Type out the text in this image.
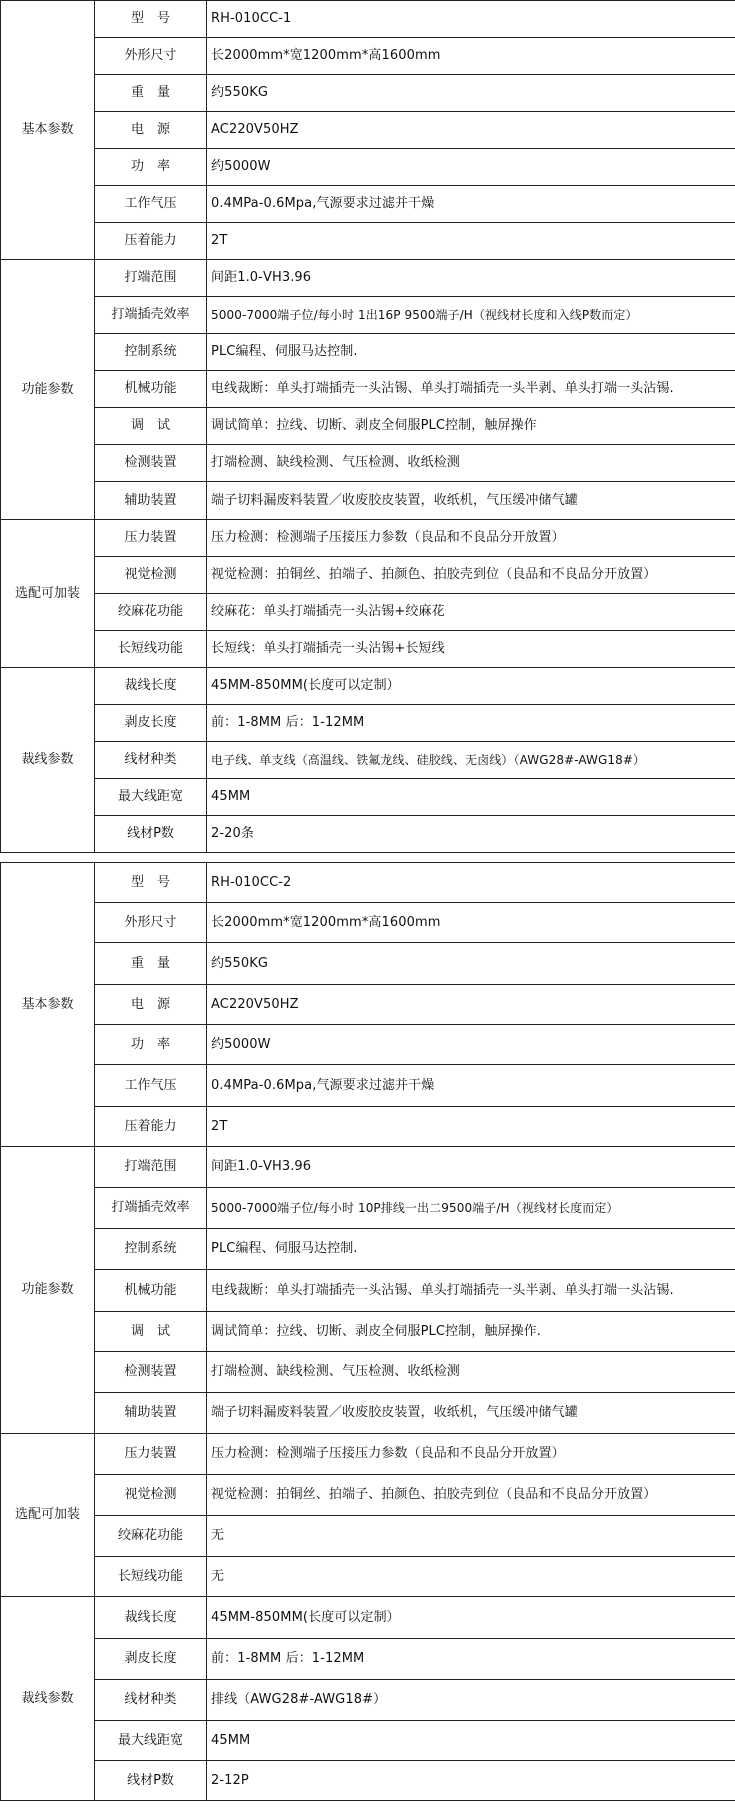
基本参数	型　号	RH-010CC-1
	外形尺寸	长2000mm*宽1200mm*高1600mm
	重　量	约550KG
	电　源	AC220V50HZ
	功　率	约5000W
	工作气压	0.4MPa-0.6Mpa,气源要求过滤并干燥
	压着能力	2T
功能参数	打端范围	间距1.0-VH3.96
	打端插壳效率	5000-7000端子位/每小时 1出16P 9500端子/H（视线材长度和入线P数而定）
	控制系统	PLC编程、伺服马达控制.
	机械功能	电线裁断：单头打端插壳一头沾锡、单头打端插壳一头半剥、单头打端一头沾锡.
	调　试	调试简单：拉线、切断、剥皮全伺服PLC控制，触屏操作
	检测装置	打端检测、缺线检测、气压检测、收纸检测
	辅助装置	端子切料漏废料装置／收废胶皮装置，收纸机，气压缓冲储气罐
选配可加装	压力装置	压力检测：检测端子压接压力参数（良品和不良品分开放置）
	视觉检测	视觉检测：拍铜丝、拍端子、拍颜色、拍胶壳到位（良品和不良品分开放置）
	绞麻花功能	绞麻花：单头打端插壳一头沾锡+绞麻花
	长短线功能	长短线：单头打端插壳一头沾锡+长短线
裁线参数	裁线长度	45MM-850MM(长度可以定制）
	剥皮长度	前：1-8MM 后：1-12MM
	线材种类	电子线、单支线（高温线、铁氟龙线、硅胶线、无卤线）（AWG28#-AWG18#）
	最大线距宽	45MM
	线材P数	2-20条
基本参数	型　号	RH-010CC-2
	外形尺寸	长2000mm*宽1200mm*高1600mm
	重　量	约550KG
	电　源	AC220V50HZ
	功　率	约5000W
	工作气压	0.4MPa-0.6Mpa,气源要求过滤并干燥
	压着能力	2T
功能参数	打端范围	间距1.0-VH3.96
	打端插壳效率	5000-7000端子位/每小时 10P排线一出二9500端子/H（视线材长度而定）
	控制系统	PLC编程、伺服马达控制.
	机械功能	电线裁断：单头打端插壳一头沾锡、单头打端插壳一头半剥、单头打端一头沾锡.
	调　试	调试简单：拉线、切断、剥皮全伺服PLC控制，触屏操作.
	检测装置	打端检测、缺线检测、气压检测、收纸检测
	辅助装置	端子切料漏废料装置／收废胶皮装置，收纸机，气压缓冲储气罐
选配可加装	压力装置	压力检测：检测端子压接压力参数（良品和不良品分开放置）
	视觉检测	视觉检测：拍铜丝、拍端子、拍颜色、拍胶壳到位（良品和不良品分开放置）
	绞麻花功能	无
	长短线功能	无
裁线参数	裁线长度	45MM-850MM(长度可以定制）
	剥皮长度	前：1-8MM 后：1-12MM
	线材种类	排线（AWG28#-AWG18#）
	最大线距宽	45MM
	线材P数	2-12P
